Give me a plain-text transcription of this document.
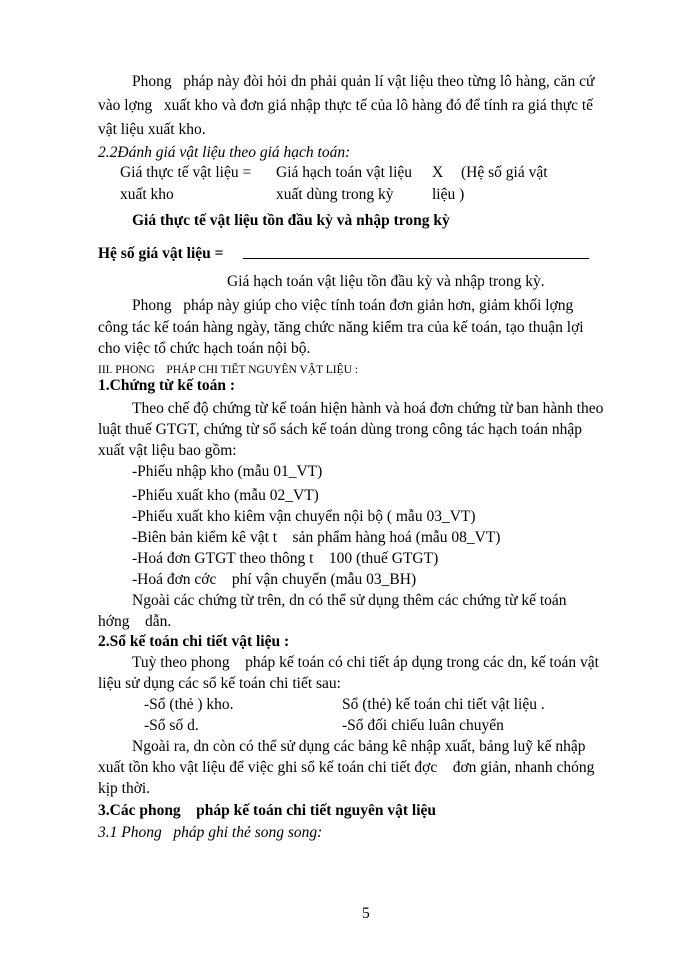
Phong   pháp này đòi hỏi dn phải quản lí vật liệu theo từng lô hàng, căn cứ
vào lợng   xuất kho và đơn giá nhập thực tế của lô hàng đó để tính ra giá thực tế
vật liệu xuất kho.
2.2Đánh giá vật liệu theo giá hạch toán:
Giá thực tế vật liệu =
xuất kho
Giá hạch toán vật liệu
xuất dùng trong kỳ
X (Hệ số giá vật
liệu )
Giá thực tế vật liệu tồn đầu kỳ và nhập trong kỳ
Hệ số giá vật liệu =
Giá hạch toán vật liệu tồn đầu kỳ và nhập trong kỳ.
Phong   pháp này giúp cho việc tính toán đơn giản hơn, giảm khối lợng
công tác kế toán hàng ngày, tăng chức năng kiểm tra của kế toán, tạo thuận lợi
cho việc tổ chức hạch toán nội bộ.
III. PHONG    PHÁP CHI TIẾT NGUYÊN VẬT LIỆU :
1.Chứng từ kế toán :
Theo chế độ chứng từ kế toán hiện hành và hoá đơn chứng từ ban hành theo
luật thuế GTGT, chứng từ sổ sách kế toán dùng trong công tác hạch toán nhập
xuất vật liệu bao gồm:
-Phiếu nhập kho (mẫu 01_VT)
-Phiếu xuất kho (mẫu 02_VT)
-Phiếu xuất kho kiêm vận chuyển nội bộ ( mẫu 03_VT)
-Biên bản kiểm kê vật t    sản phẩm hàng hoá (mẫu 08_VT)
-Hoá đơn GTGT theo thông t    100 (thuế GTGT)
-Hoá đơn cớc    phí vận chuyển (mẫu 03_BH)
Ngoài các chứng từ trên, dn có thể sử dụng thêm các chứng từ kế toán
hớng    dẫn.
2.Sổ kế toán chi tiết vật liệu :
Tuỳ theo phong    pháp kế toán có chi tiết áp dụng trong các dn, kế toán vật
liệu sử dụng các sổ kế toán chi tiết sau:
-Sổ (thẻ ) kho.	Sổ (thẻ) kế toán chi tiết vật liệu .
-Sổ số d.	-Sổ đối chiếu luân chuyển
Ngoài ra, dn còn có thể sử dụng các bảng kê nhập xuất, bảng luỹ kế nhập
xuất tồn kho vật liệu để việc ghi sổ kế toán chi tiết đợc    đơn giản, nhanh chóng
kịp thời.
3.Các phong    pháp kế toán chi tiết nguyên vật liệu
3.1 Phong   pháp ghi thẻ song song:
5
